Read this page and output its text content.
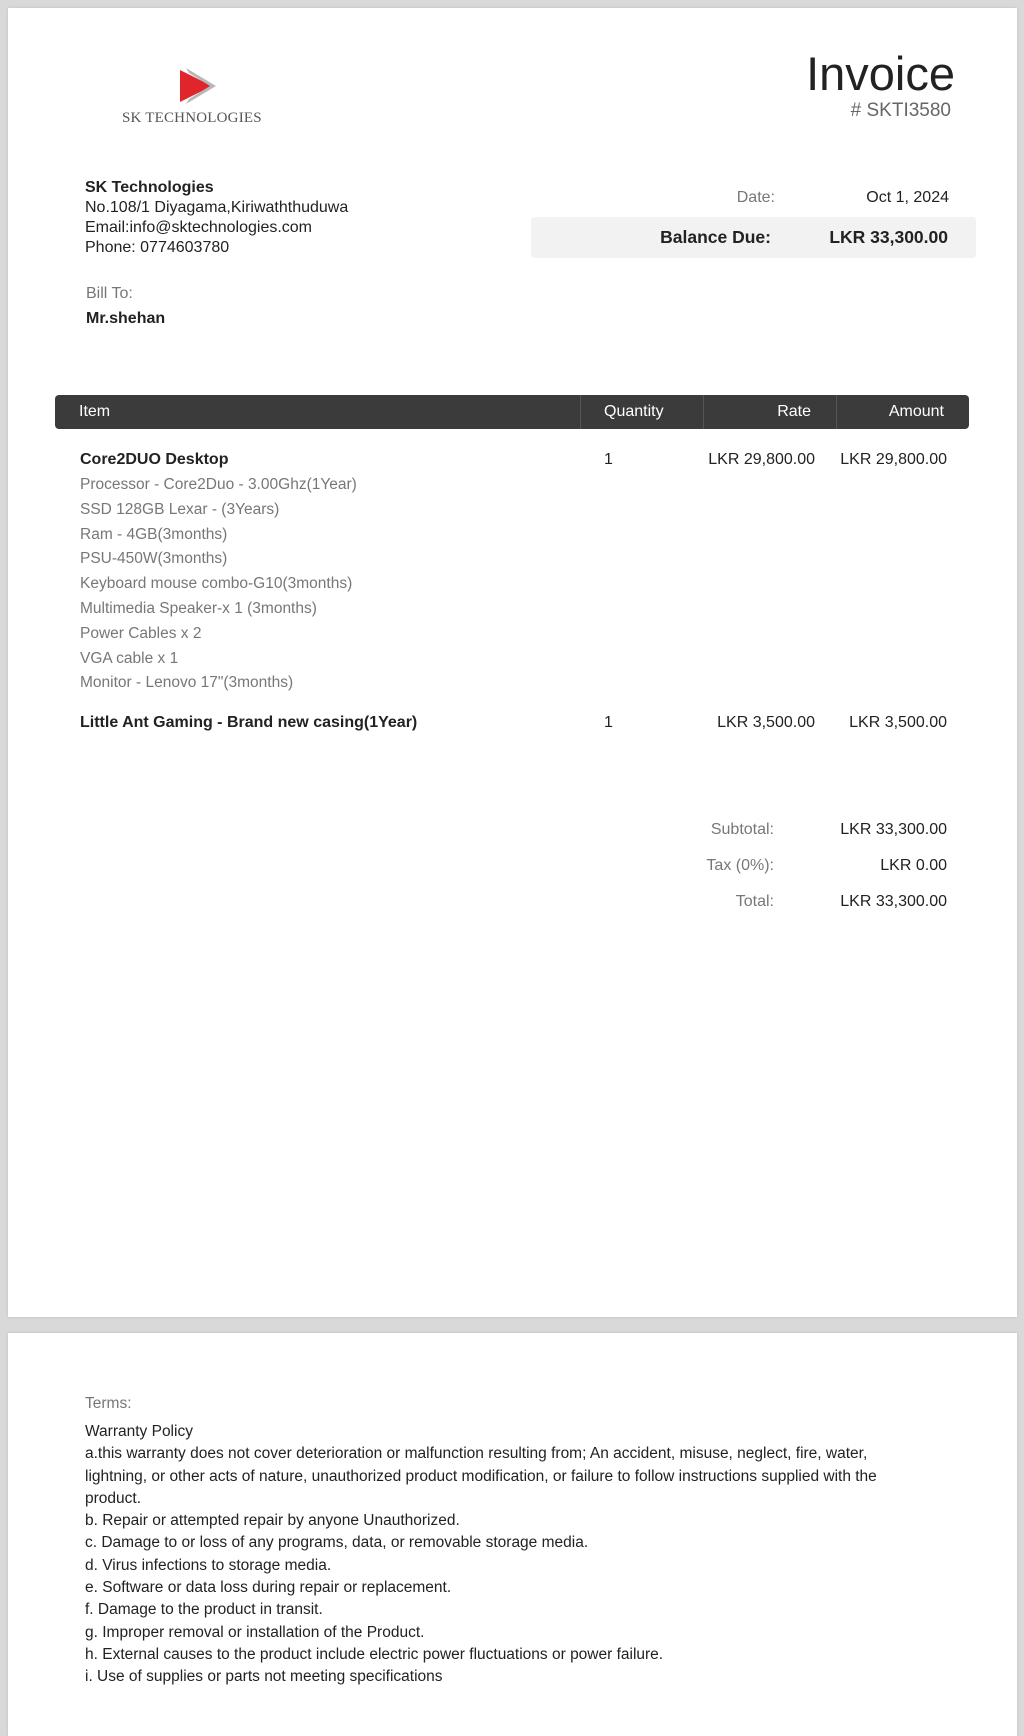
SK TECHNOLOGIES
Invoice
# SKTI3580
SK Technologies
No.108/1 Diyagama,Kiriwaththuduwa
Email:info@sktechnologies.com
Phone: 0774603780
Date:	Oct 1, 2024
Balance Due:	LKR 33,300.00
Bill To:
Mr.shehan
Item	Quantity	Rate	Amount
Core2DUO Desktop	1	LKR 29,800.00 LKR 29,800.00
Processor - Core2Duo - 3.00Ghz(1Year)
SSD 128GB Lexar - (3Years)
Ram - 4GB(3months)
PSU-450W(3months)
Keyboard mouse combo-G10(3months)
Multimedia Speaker-x 1 (3months)
Power Cables x 2
VGA cable x 1
Monitor - Lenovo 17"(3months)
Little Ant Gaming - Brand new casing(1Year)	1	LKR 3,500.00 LKR 3,500.00
Subtotal:	LKR 33,300.00
Tax (0%):	LKR 0.00
Total:	LKR 33,300.00
Terms:
Warranty Policy
a.this warranty does not cover deterioration or malfunction resulting from; An accident, misuse, neglect, fire, water, lightning, or other acts of nature, unauthorized product modification, or failure to follow instructions supplied with the product.
b. Repair or attempted repair by anyone Unauthorized.
c. Damage to or loss of any programs, data, or removable storage media.
d. Virus infections to storage media.
e. Software or data loss during repair or replacement.
f. Damage to the product in transit.
g. Improper removal or installation of the Product.
h. External causes to the product include electric power fluctuations or power failure.
i. Use of supplies or parts not meeting specifications
